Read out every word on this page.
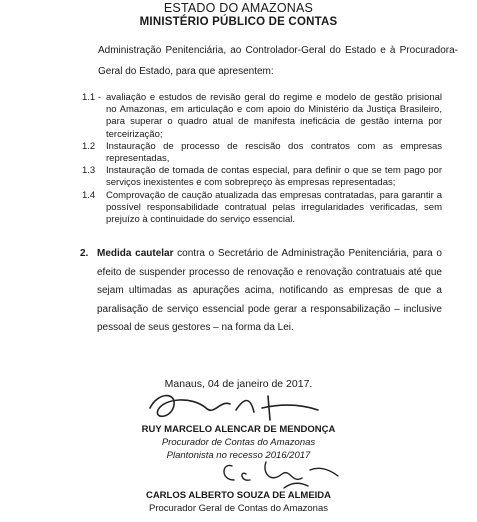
ESTADO DO AMAZONAS
MINISTÉRIO PÚBLICO DE CONTAS
Administração Penitenciária, ao Controlador-Geral do Estado e à Procuradora-Geral do Estado, para que apresentem:
1.1 - avaliação e estudos de revisão geral do regime e modelo de gestão prisional no Amazonas, em articulação e com apoio do Ministério da Justiça Brasileiro, para superar o quadro atual de manifesta ineficácia de gestão interna por terceirização;
1.2 Instauração de processo de rescisão dos contratos com as empresas representadas,
1.3 Instauração de tomada de contas especial, para definir o que se tem pago por serviços inexistentes e com sobrepreço às empresas representadas;
1.4 Comprovação de caução atualizada das empresas contratadas, para garantir a possível responsabilidade contratual pelas irregularidades verificadas, sem prejuízo à continuidade do serviço essencial.
2. Medida cautelar contra o Secretário de Administração Penitenciária, para o efeito de suspender processo de renovação e renovação contratuais até que sejam ultimadas as apurações acima, notificando as empresas de que a paralisação de serviço essencial pode gerar a responsabilização – inclusive pessoal de seus gestores – na forma da Lei.
Manaus, 04 de janeiro de 2017.
RUY MARCELO ALENCAR DE MENDONÇA
Procurador de Contas do Amazonas
Plantonista no recesso 2016/2017
CARLOS ALBERTO SOUZA DE ALMEIDA
Procurador Geral de Contas do Amazonas
